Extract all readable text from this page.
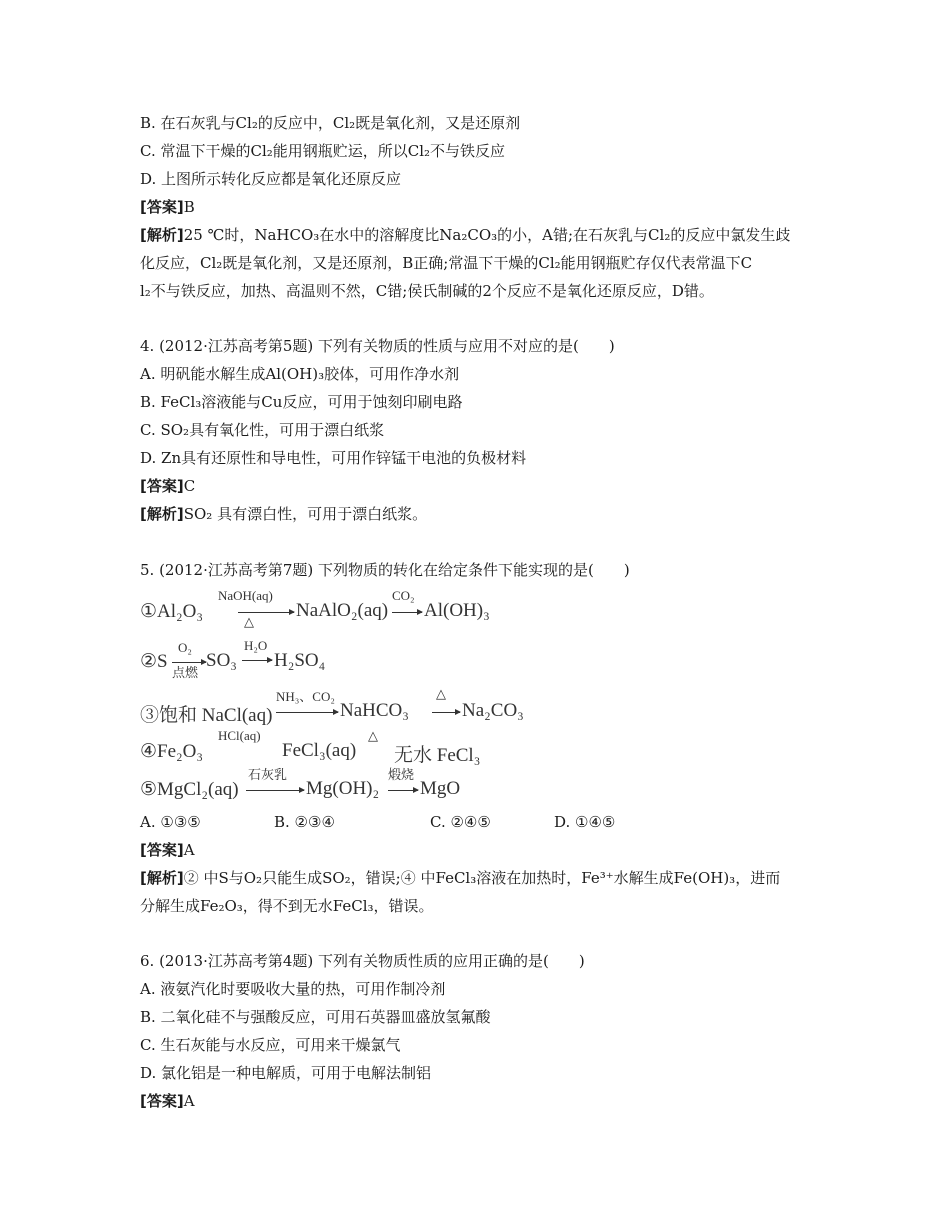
B. 在石灰乳与Cl₂的反应中，Cl₂既是氧化剂，又是还原剂

C. 常温下干燥的Cl₂能用钢瓶贮运，所以Cl₂不与铁反应

D. 上图所示转化反应都是氧化还原反应

[答案]B

[解析]25 ℃时，NaHCO₃在水中的溶解度比Na₂CO₃的小，A错;在石灰乳与Cl₂的反应中氯发生歧

化反应，Cl₂既是氧化剂，又是还原剂，B正确;常温下干燥的Cl₂能用钢瓶贮存仅代表常温下C

l₂不与铁反应，加热、高温则不然，C错;侯氏制碱的2个反应不是氧化还原反应，D错。

4. (2012·江苏高考第5题) 下列有关物质的性质与应用不对应的是(　　)

A. 明矾能水解生成Al(OH)₃胶体，可用作净水剂

B. FeCl₃溶液能与Cu反应，可用于蚀刻印刷电路

C. SO₂具有氧化性，可用于漂白纸浆

D. Zn具有还原性和导电性，可用作锌锰干电池的负极材料

[答案]C

[解析]SO₂ 具有漂白性，可用于漂白纸浆。

5. (2012·江苏高考第7题) 下列物质的转化在给定条件下能实现的是(　　)

①Al₂O₃
NaOH(aq)
△
NaAlO₂(aq)
CO₂
Al(OH)₃
②S
O₂
点燃
SO₃
H₂O
H₂SO₄
③饱和 NaCl(aq)
NH₃、CO₂
NaHCO₃
△
Na₂CO₃
④Fe₂O₃
HCl(aq)
FeCl₃(aq)
△
无水 FeCl₃
⑤MgCl₂(aq)
石灰乳
Mg(OH)₂
煅烧
MgO
A. ①③⑤	B. ②③④	C. ②④⑤	D. ①④⑤

[答案]A

[解析]② 中S与O₂只能生成SO₂，错误;④ 中FeCl₃溶液在加热时，Fe³⁺水解生成Fe(OH)₃，进而

分解生成Fe₂O₃，得不到无水FeCl₃，错误。

6. (2013·江苏高考第4题) 下列有关物质性质的应用正确的是(　　)

A. 液氨汽化时要吸收大量的热，可用作制冷剂

B. 二氧化硅不与强酸反应，可用石英器皿盛放氢氟酸

C. 生石灰能与水反应，可用来干燥氯气

D. 氯化铝是一种电解质，可用于电解法制铝

[答案]A
